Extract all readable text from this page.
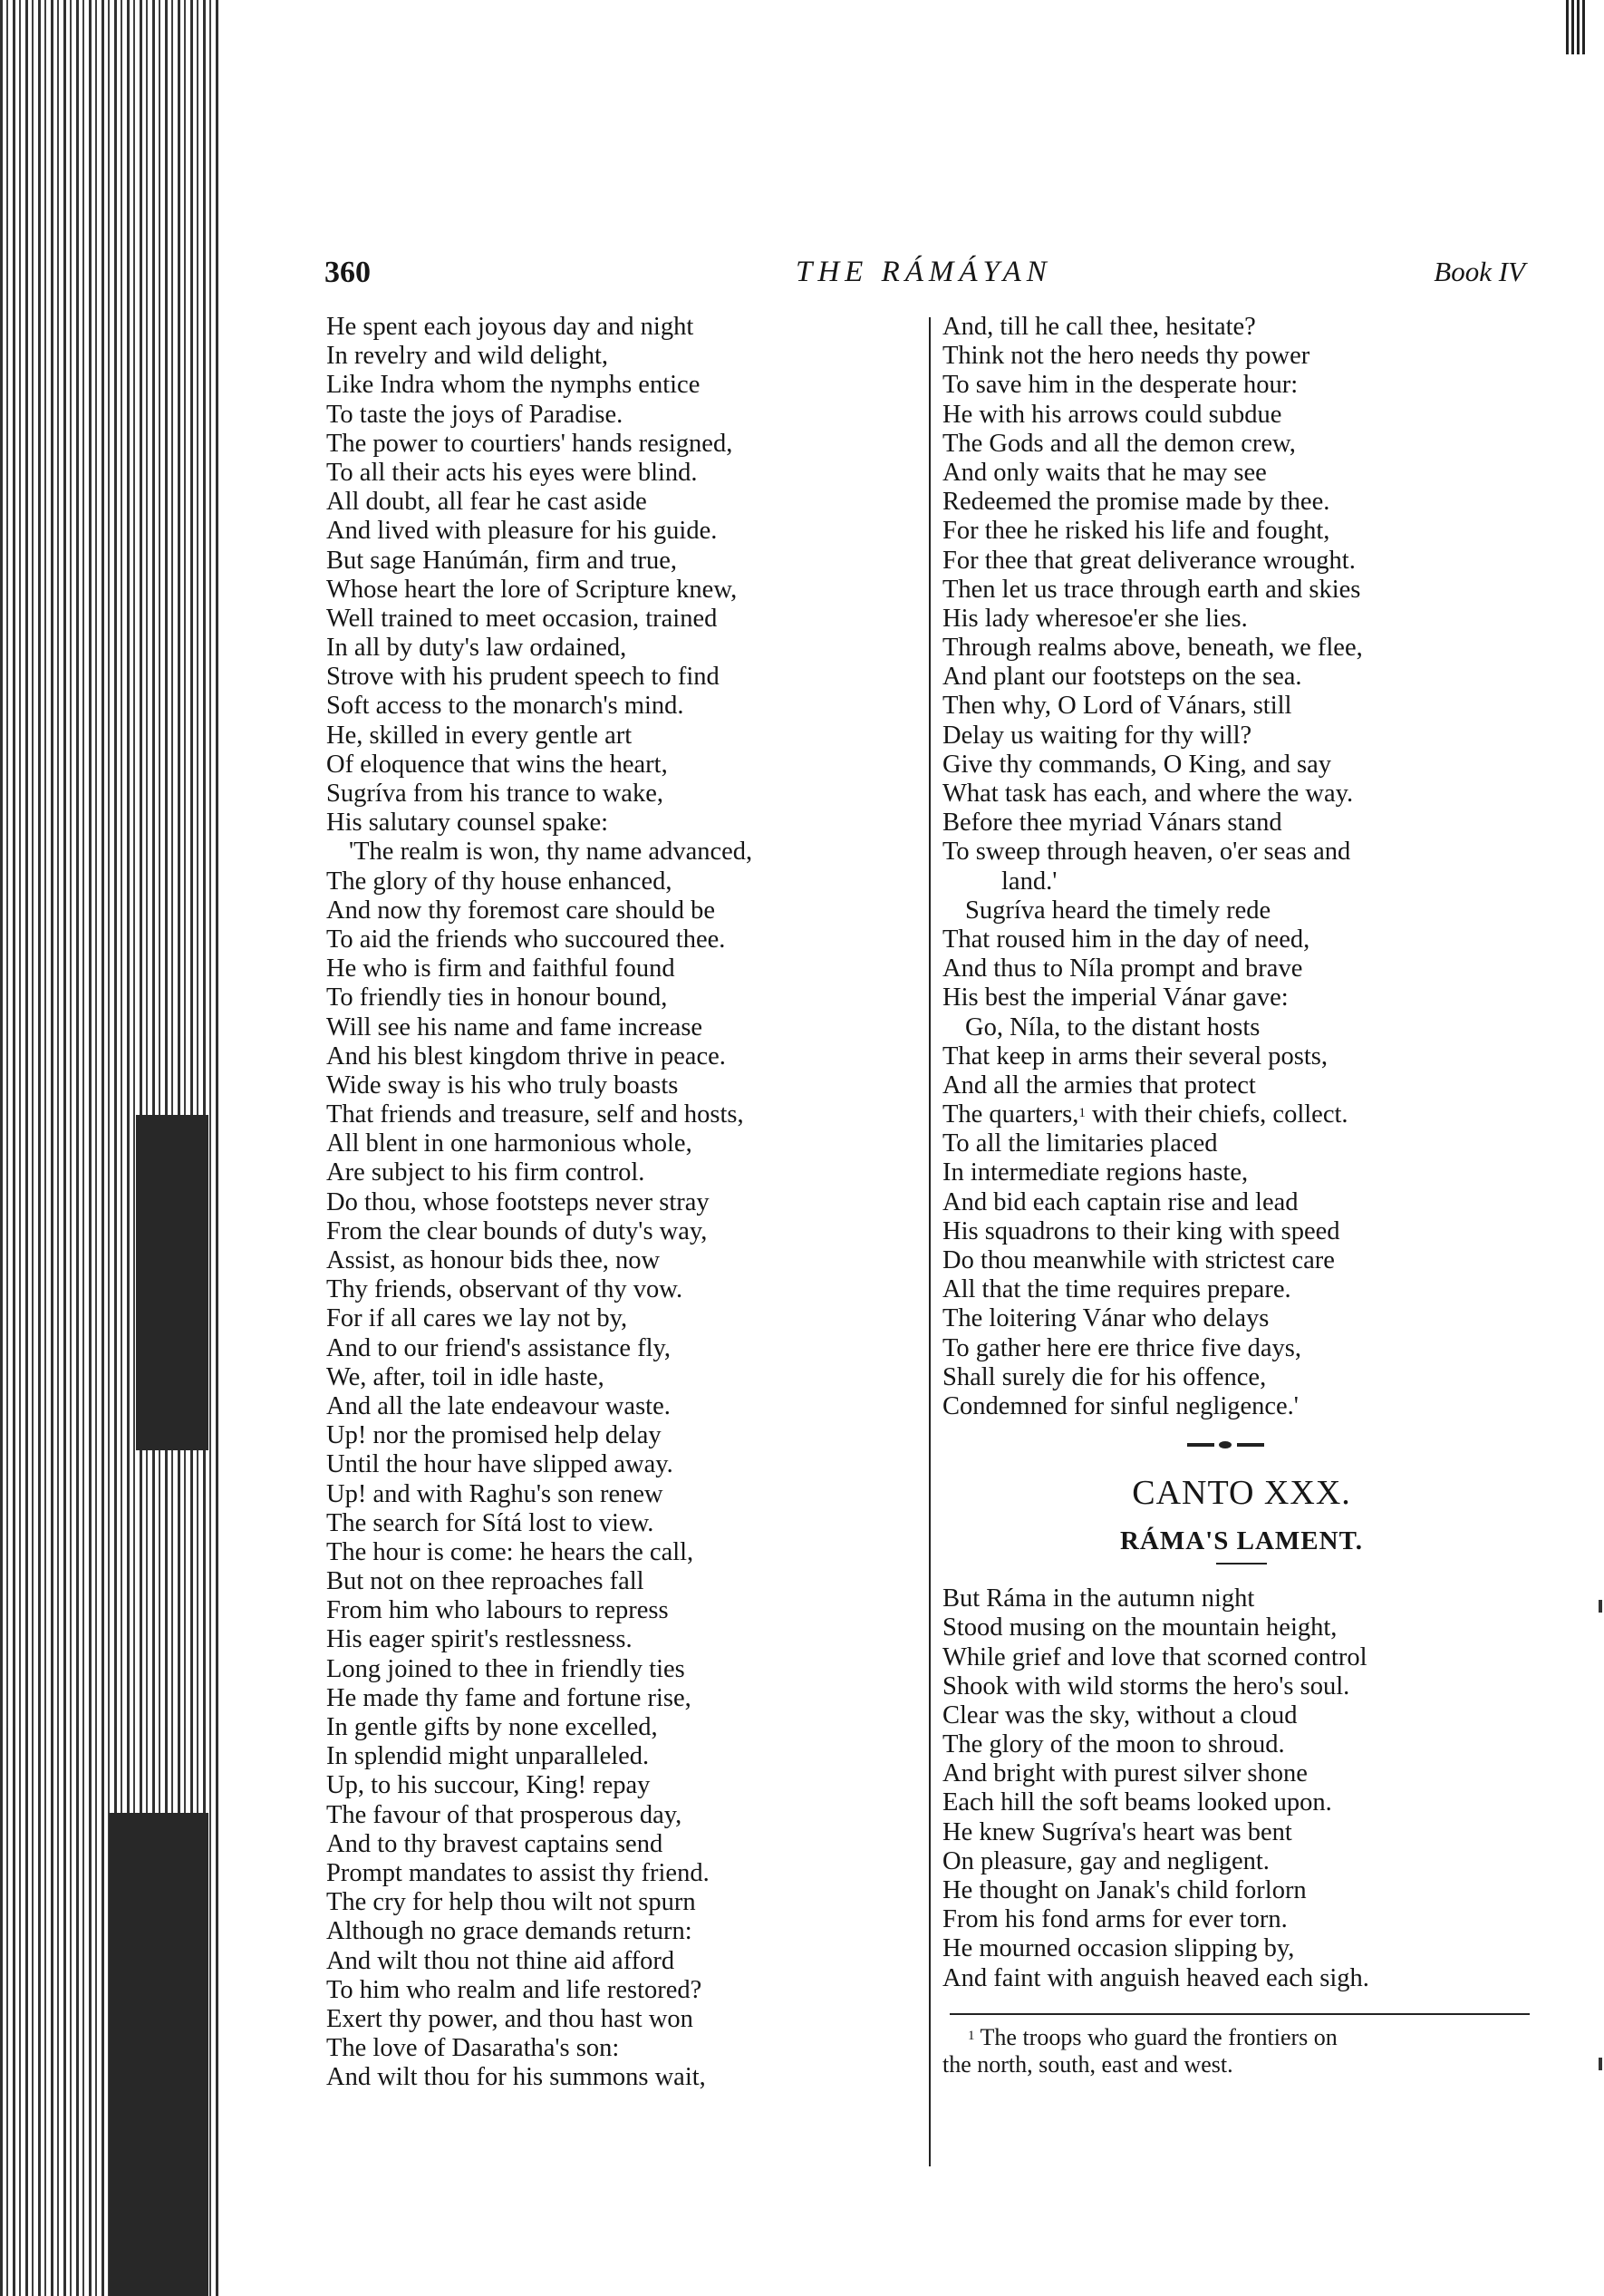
360	THE RÁMÁYAN	Book IV
He spent each joyous day and night
In revelry and wild delight,
Like Indra whom the nymphs entice
To taste the joys of Paradise.
The power to courtiers' hands resigned,
To all their acts his eyes were blind.
All doubt, all fear he cast aside
And lived with pleasure for his guide.
But sage Hanúmán, firm and true,
Whose heart the lore of Scripture knew,
Well trained to meet occasion, trained
In all by duty's law ordained,
Strove with his prudent speech to find
Soft access to the monarch's mind.
He, skilled in every gentle art
Of eloquence that wins the heart,
Sugríva from his trance to wake,
His salutary counsel spake:
'The realm is won, thy name advanced,
The glory of thy house enhanced,
And now thy foremost care should be
To aid the friends who succoured thee.
He who is firm and faithful found
To friendly ties in honour bound,
Will see his name and fame increase
And his blest kingdom thrive in peace.
Wide sway is his who truly boasts
That friends and treasure, self and hosts,
All blent in one harmonious whole,
Are subject to his firm control.
Do thou, whose footsteps never stray
From the clear bounds of duty's way,
Assist, as honour bids thee, now
Thy friends, observant of thy vow.
For if all cares we lay not by,
And to our friend's assistance fly,
We, after, toil in idle haste,
And all the late endeavour waste.
Up! nor the promised help delay
Until the hour have slipped away.
Up! and with Raghu's son renew
The search for Sítá lost to view.
The hour is come: he hears the call,
But not on thee reproaches fall
From him who labours to repress
His eager spirit's restlessness.
Long joined to thee in friendly ties
He made thy fame and fortune rise,
In gentle gifts by none excelled,
In splendid might unparalleled.
Up, to his succour, King! repay
The favour of that prosperous day,
And to thy bravest captains send
Prompt mandates to assist thy friend.
The cry for help thou wilt not spurn
Although no grace demands return:
And wilt thou not thine aid afford
To him who realm and life restored?
Exert thy power, and thou hast won
The love of Dasaratha's son:
And wilt thou for his summons wait,
And, till he call thee, hesitate?
Think not the hero needs thy power
To save him in the desperate hour:
He with his arrows could subdue
The Gods and all the demon crew,
And only waits that he may see
Redeemed the promise made by thee.
For thee he risked his life and fought,
For thee that great deliverance wrought.
Then let us trace through earth and skies
His lady wheresoe'er she lies.
Through realms above, beneath, we flee,
And plant our footsteps on the sea.
Then why, O Lord of Vánars, still
Delay us waiting for thy will?
Give thy commands, O King, and say
What task has each, and where the way.
Before thee myriad Vánars stand
To sweep through heaven, o'er seas and
land.'
Sugríva heard the timely rede
That roused him in the day of need,
And thus to Níla prompt and brave
His best the imperial Vánar gave:
Go, Níla, to the distant hosts
That keep in arms their several posts,
And all the armies that protect
The quarters,$^1$ with their chiefs, collect.
To all the limitaries placed
In intermediate regions haste,
And bid each captain rise and lead
His squadrons to their king with speed
Do thou meanwhile with strictest care
All that the time requires prepare.
The loitering Vánar who delays
To gather here ere thrice five days,
Shall surely die for his offence,
Condemned for sinful negligence.'
CANTO XXX.
RÁMA'S LAMENT.
But Ráma in the autumn night
Stood musing on the mountain height,
While grief and love that scorned control
Shook with wild storms the hero's soul.
Clear was the sky, without a cloud
The glory of the moon to shroud.
And bright with purest silver shone
Each hill the soft beams looked upon.
He knew Sugríva's heart was bent
On pleasure, gay and negligent.
He thought on Janak's child forlorn
From his fond arms for ever torn.
He mourned occasion slipping by,
And faint with anguish heaved each sigh.
$^1$ The troops who guard the frontiers on
the north, south, east and west.
